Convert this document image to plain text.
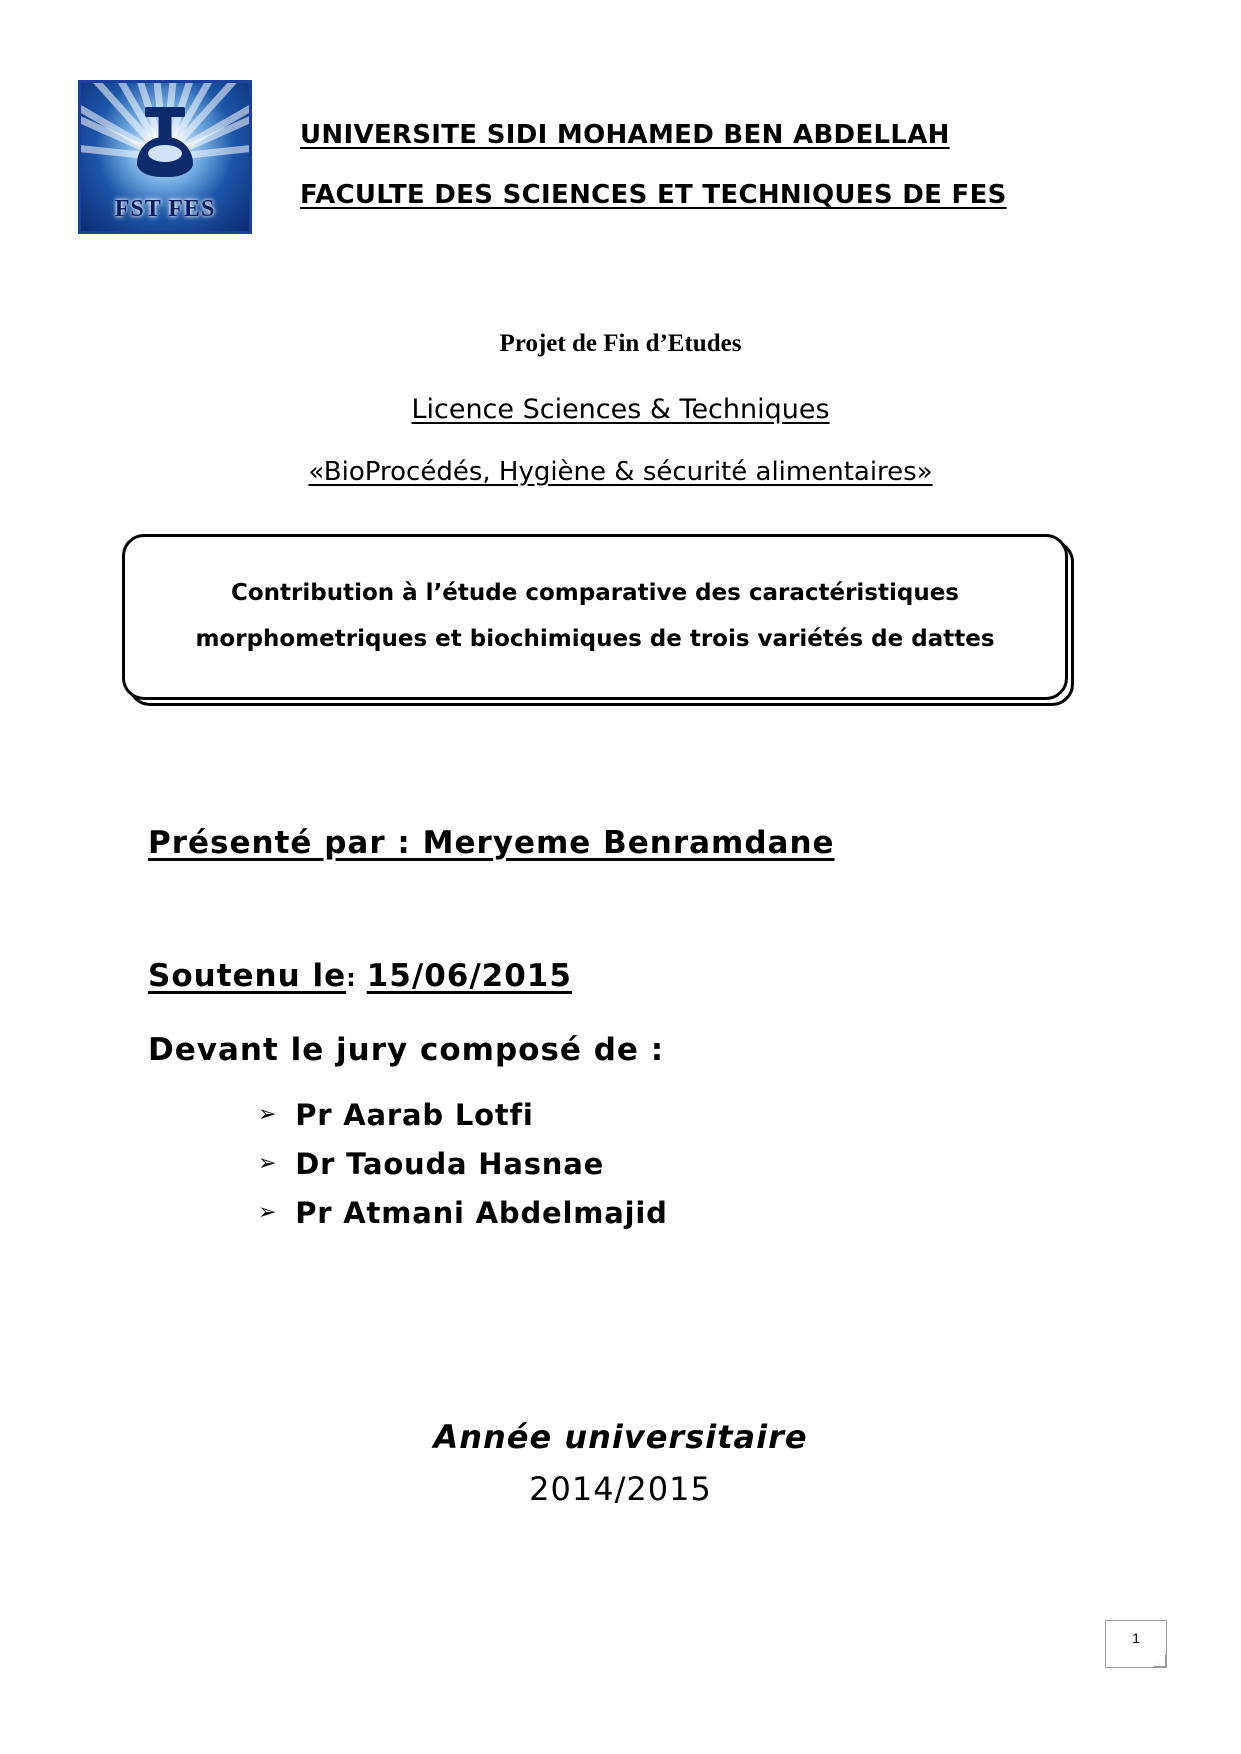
FST FES
UNIVERSITE SIDI MOHAMED BEN ABDELLAH
FACULTE DES SCIENCES ET TECHNIQUES DE FES
Projet de Fin d’Etudes
Licence Sciences & Techniques
«BioProcédés, Hygiène & sécurité alimentaires»
Contribution à l’étude comparative des caractéristiques
morphometriques et biochimiques de trois variétés de dattes
Présenté par : Meryeme Benramdane
Soutenu le: 15/06/2015
Devant le jury composé de :
➢ Pr Aarab Lotfi
➢ Dr Taouda Hasnae
➢ Pr Atmani Abdelmajid
Année universitaire
2014/2015
1
